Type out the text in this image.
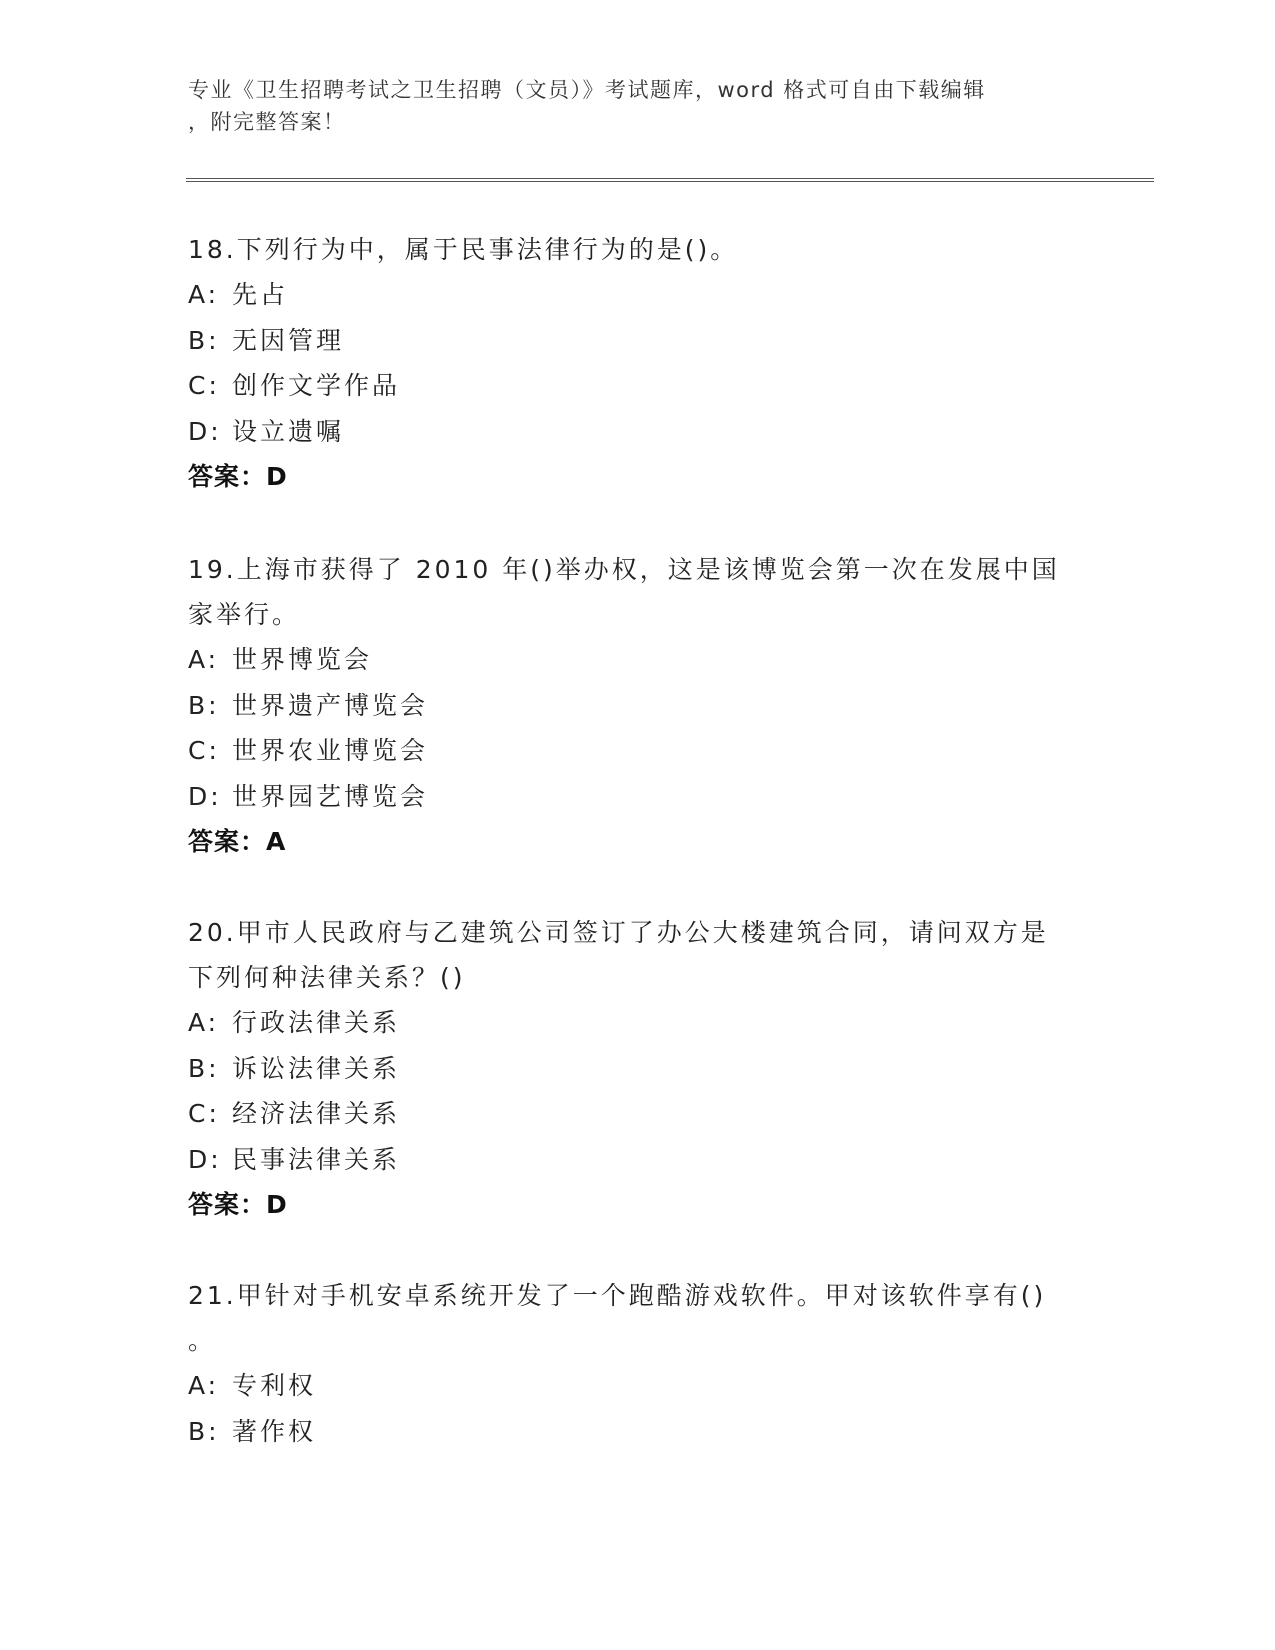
专业《卫生招聘考试之卫生招聘（文员）》考试题库，word 格式可自由下载编辑
，附完整答案！
18.下列行为中，属于民事法律行为的是()。
A: 先占
B: 无因管理
C: 创作文学作品
D: 设立遗嘱
答案：D
19.上海市获得了 2010 年()举办权，这是该博览会第一次在发展中国
家举行。
A: 世界博览会
B: 世界遗产博览会
C: 世界农业博览会
D: 世界园艺博览会
答案：A
20.甲市人民政府与乙建筑公司签订了办公大楼建筑合同，请问双方是
下列何种法律关系？()
A: 行政法律关系
B: 诉讼法律关系
C: 经济法律关系
D: 民事法律关系
答案：D
21.甲针对手机安卓系统开发了一个跑酷游戏软件。甲对该软件享有()
。
A: 专利权
B: 著作权
